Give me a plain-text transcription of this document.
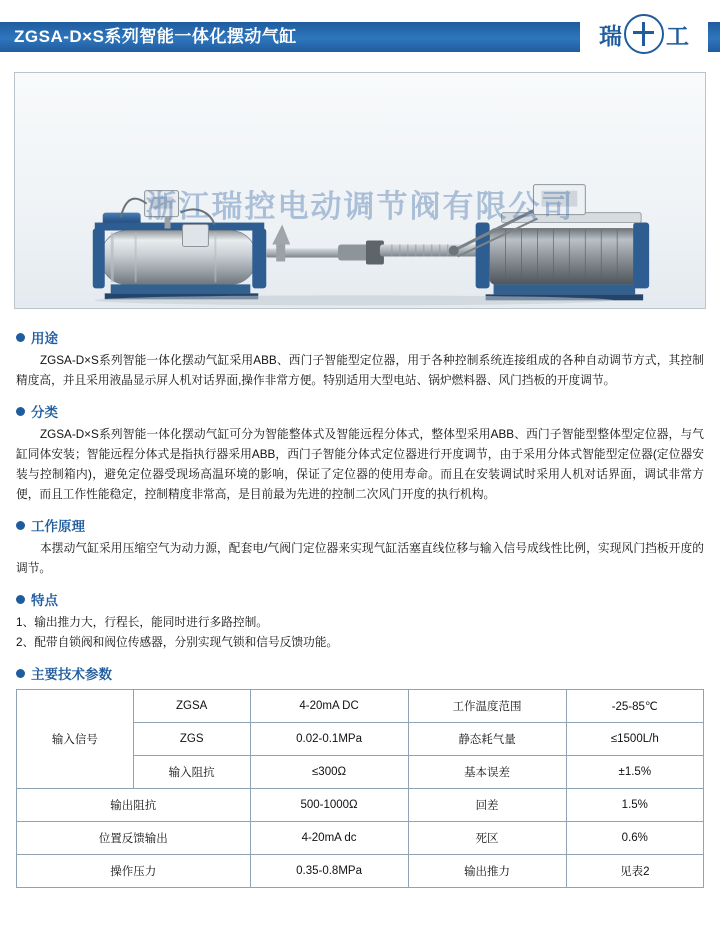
ZGSA-D×S系列智能一体化摆动气缸	瑞 工
浙江瑞控电动调节阀有限公司
用途

ZGSA-D×S系列智能一体化摆动气缸采用ABB、西门子智能型定位器，用于各种控制系统连接组成的各种自动调节方式，其控制精度高，并且采用液晶显示屏人机对话界面,操作非常方便。特别适用大型电站、锅炉燃料器、风门挡板的开度调节。

分类

ZGSA-D×S系列智能一体化摆动气缸可分为智能整体式及智能远程分体式，整体型采用ABB、西门子智能型整体型定位器，与气缸同体安装；智能远程分体式是指执行器采用ABB，西门子智能分体式定位器进行开度调节，由于采用分体式智能型定位器(定位器安装与控制箱内)，避免定位器受现场高温环境的影响，保证了定位器的使用寿命。而且在安装调试时采用人机对话界面，调试非常方便，而且工作性能稳定，控制精度非常高，是目前最为先进的控制二次风门开度的执行机构。

工作原理

本摆动气缸采用压缩空气为动力源，配套电/气阀门定位器来实现气缸活塞直线位移与输入信号成线性比例，实现风门挡板开度的调节。

特点

1、输出推力大，行程长，能同时进行多路控制。

2、配带自锁阀和阀位传感器，分别实现气锁和信号反馈功能。

主要技术参数
输入信号	ZGSA	4-20mA DC	工作温度范围	-25-85℃
	ZGS	0.02-0.1MPa	静态耗气量	≤1500L/h
	输入阻抗	≤300Ω	基本误差	±1.5%
输出阻抗		500-1000Ω	回差	1.5%
位置反馈输出		4-20mA dc	死区	0.6%
操作压力		0.35-0.8MPa	输出推力	见表2
